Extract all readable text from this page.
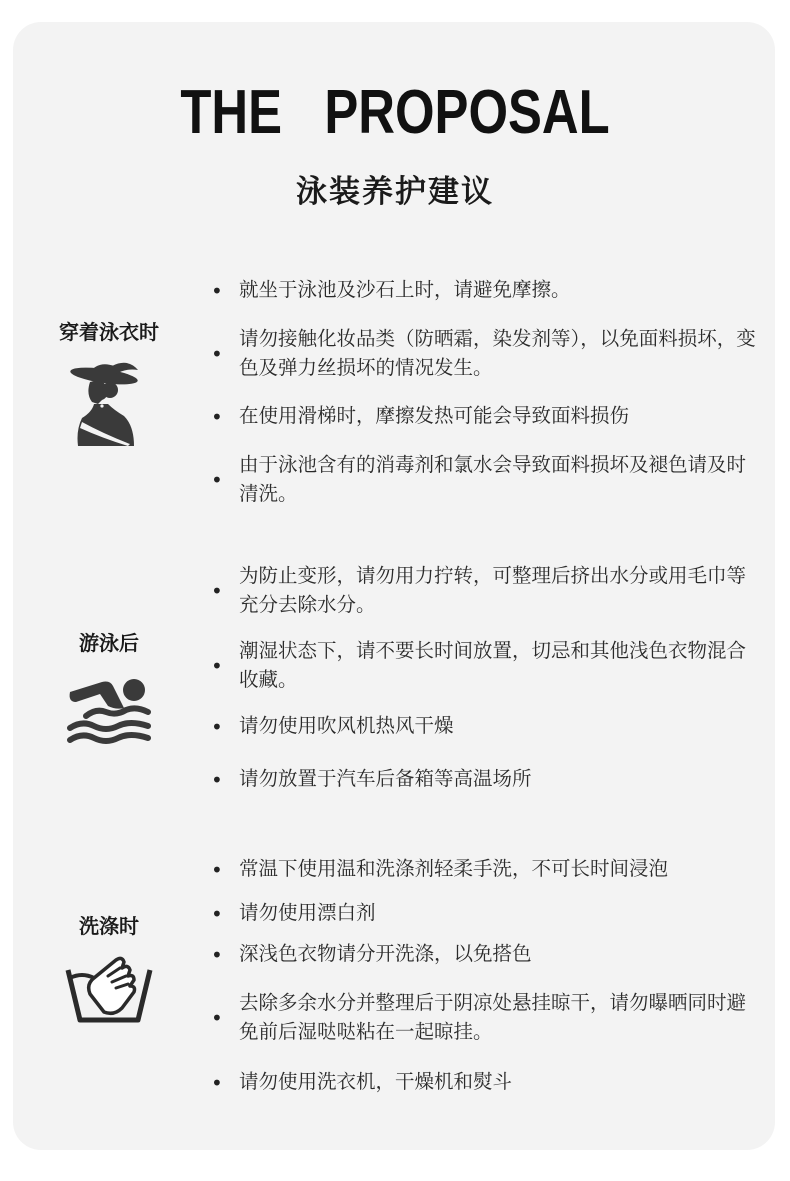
THE   PROPOSAL
泳装养护建议
穿着泳衣时
• 就坐于泳池及沙石上时，请避免摩擦。
•
请勿接触化妆品类（防晒霜，染发剂等），以免面料损坏，变色及弹力丝损坏的情况发生。
• 在使用滑梯时，摩擦发热可能会导致面料损伤
•
由于泳池含有的消毒剂和氯水会导致面料损坏及褪色请及时清洗。
游泳后
•
为防止变形，请勿用力拧转，可整理后挤出水分或用毛巾等充分去除水分。
•
潮湿状态下，请不要长时间放置，切忌和其他浅色衣物混合收藏。
• 请勿使用吹风机热风干燥
• 请勿放置于汽车后备箱等高温场所
洗涤时
• 常温下使用温和洗涤剂轻柔手洗，不可长时间浸泡
• 请勿使用漂白剂
• 深浅色衣物请分开洗涤，以免搭色
•
去除多余水分并整理后于阴凉处悬挂晾干，请勿曝晒同时避免前后湿哒哒粘在一起晾挂。
• 请勿使用洗衣机，干燥机和熨斗
